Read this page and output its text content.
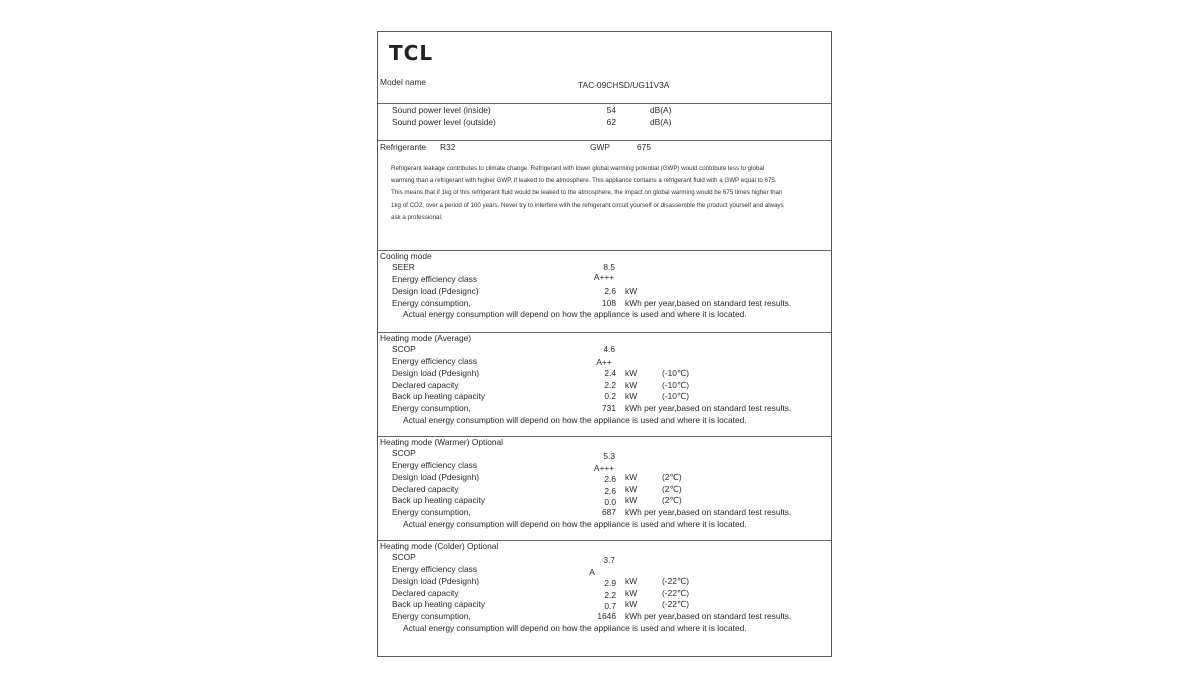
TCL
Model name	TAC-09CHSD/UG11V3A
Sound power level (inside)	54	dB(A)
Sound power level (outside)	62	dB(A)
Refrigerante R32	GWP	675
Refrigerant leakage contributes to climate change. Refrigerant with lower global warming potential (GWP) would contribute less to global warming than a refrigerant with higher GWP, if leaked to the atmosphere. This appliance contains a refrigerant fluid with a GWP equal to 675. This means that if 1kg of this refrigerant fluid would be leaked to the atmosphere, the impact on global warming would be 675 times higher than 1kg of CO2, over a period of 100 years. Never try to interfere with the refrigerant circuit yourself or disassemble the product yourself and always ask a professional.
Cooling mode
SEER	8.5
Energy efficiency class	A+++
Design load (Pdesignc)	2.6 kW
Energy consumption,	108 kWh per year,based on standard test results.
Actual energy consumption will depend on how the appliance is used and where it is located.
Heating mode (Average)
SCOP	4.6
Energy efficiency class	A++
Design load (Pdesignh)	2.4 kW	(-10℃)
Declared capacity	2.2 kW	(-10℃)
Back up heating capacity	0.2 kW	(-10℃)
Energy consumption,	731 kWh per year,based on standard test results.
Actual energy consumption will depend on how the appliance is used and where it is located.
Heating mode (Warmer) Optional
SCOP	5.3
Energy efficiency class	A+++
Design load (Pdesignh)	2.6 kW	(2℃)
Declared capacity	2.6 kW	(2℃)
Back up heating capacity	0.0 kW	(2℃)
Energy consumption,	687 kWh per year,based on standard test results.
Actual energy consumption will depend on how the appliance is used and where it is located.
Heating mode (Colder) Optional
SCOP	3.7
Energy efficiency class	A
Design load (Pdesignh)	2.9 kW	(-22℃)
Declared capacity	2.2 kW	(-22℃)
Back up heating capacity	0.7 kW	(-22℃)
Energy consumption,	1646 kWh per year,based on standard test results.
Actual energy consumption will depend on how the appliance is used and where it is located.
